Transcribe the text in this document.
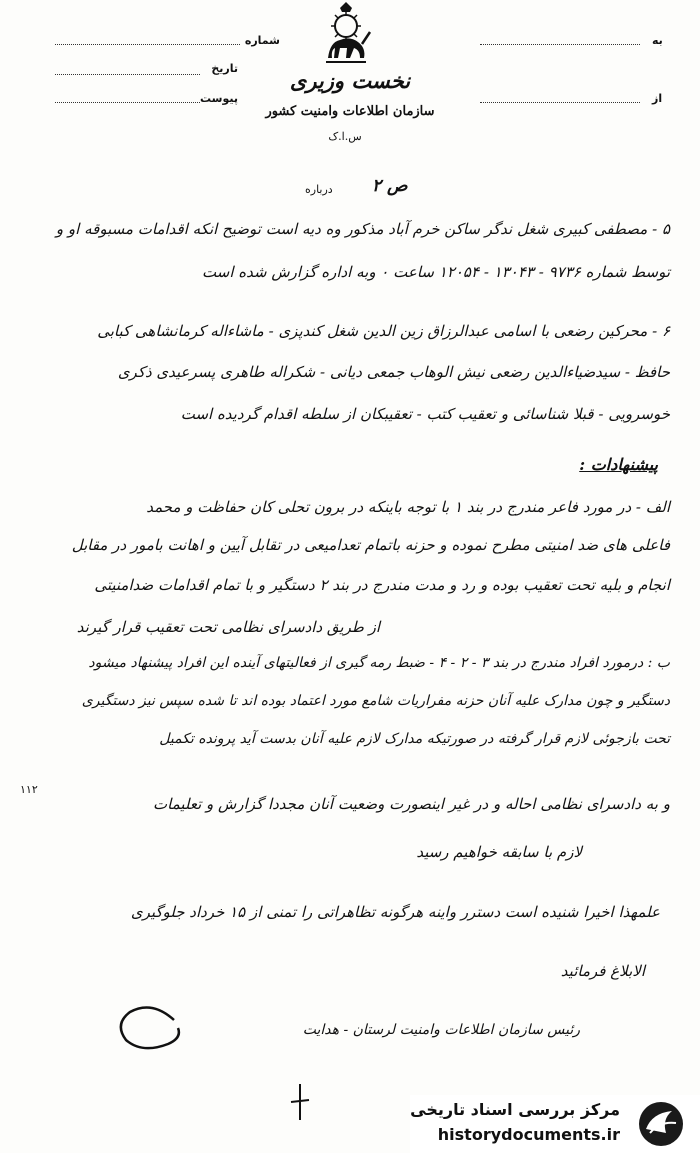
شماره
تاریخ
پیوست
به
از
نخست وزیری
سازمان اطلاعات وامنیت کشور
س.ا.ک
درباره ص ۲
۵ - مصطفی کبیری شغل ندگر ساکن خرم آباد مذکور وه دیه است توضیح انکه اقدامات مسبوقه او و
توسط شماره ۹۷۳۶ - ۱۳۰۴۳ - ۱۲۰۵۴ ساعت ۰ وبه اداره گزارش شده است
۶ - محرکین رضعی با اسامی عبدالرزاق زین الدین شغل کندپزی - ماشاءاله کرمانشاهی کبابی
حافظ - سیدضیاءالدین رضعی نیش الوهاب جمعی دیانی - شکراله طاهری پسرعیدی ذکری
خوسرویی - قبلا شناسائی و تعقیب کتب - تعقیبکان از سلطه اقدام گردیده است
پیشنهادات :
الف - در مورد فاعر مندرج در بند ۱ با توجه باینکه در برون تحلی کان حفاظت و محمد
فاعلی های ضد امنیتی مطرح نموده و حزنه باتمام تعدامیعی در تقابل آیین و اهانت بامور در مقابل
انجام و بلیه تحت تعقیب بوده و رد و مدت مندرج در بند ۲ دستگیر و با تمام اقدامات ضدامنیتی
از طریق دادسرای نظامی تحت تعقیب قرار گیرند
ب : درمورد افراد مندرج در بند ۳ - ۲ - ۴ - ضبط رمه گیری از فعالیتهای آینده این افراد پیشنهاد میشود
دستگیر و چون مدارک علیه آنان حزنه مفراریات شامع مورد اعتماد بوده اند تا شده سپس نیز دستگیری
تحت بازجوئی لازم قرار گرفته در صورتیکه مدارک لازم علیه آنان بدست آید پرونده تکمیل
۱۱۲
و به دادسرای نظامی احاله و در غیر اینصورت وضعیت آنان مجددا گزارش و تعلیمات
لازم با سابقه خواهیم رسید
علمهذا اخیرا شنیده است دسترر واینه هرگونه تظاهراتی را تمنی از ۱۵ خرداد جلوگیری
الابلاغ فرمائید
رئیس سازمان اطلاعات وامنیت لرستان - هدایت
مرکز بررسی اسناد تاریخی
historydocuments.ir
